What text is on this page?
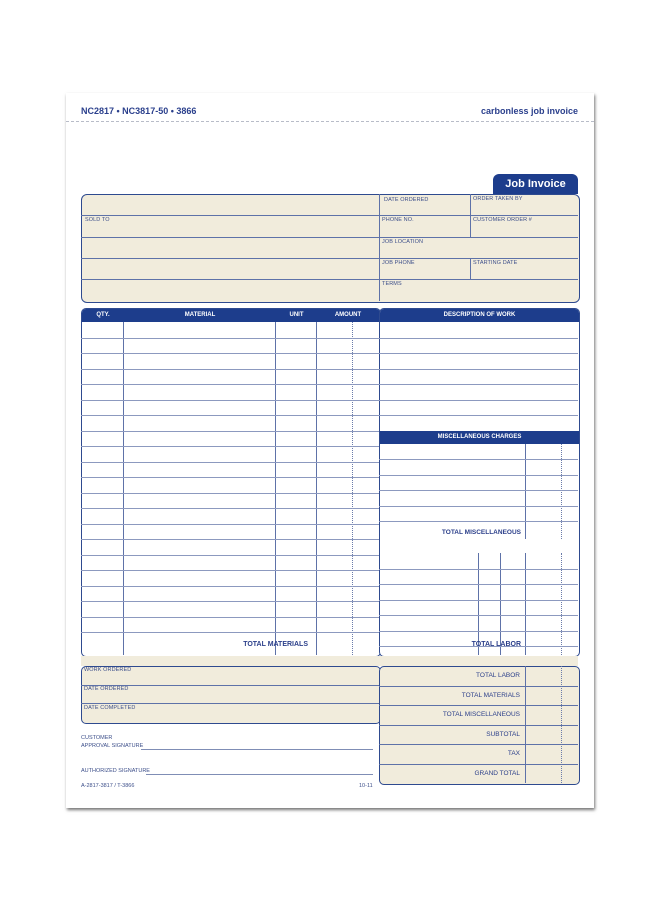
NC2817 • NC3817-50 • 3866	carbonless job invoice
Job Invoice
SOLD TO
DATE ORDERED	ORDER TAKEN BY
PHONE NO.	CUSTOMER ORDER #
JOB LOCATION
JOB PHONE	STARTING DATE
TERMS
QTY.	MATERIAL	UNIT	AMOUNT
TOTAL MATERIALS
DESCRIPTION OF WORK
MISCELLANEOUS CHARGES
TOTAL MISCELLANEOUS
LABOR	HRS.	RATE	AMOUNT
TOTAL LABOR
WORK ORDERED
DATE ORDERED
DATE COMPLETED
TOTAL LABOR
TOTAL MATERIALS
TOTAL MISCELLANEOUS
SUBTOTAL
TAX
GRAND TOTAL
CUSTOMER
APPROVAL SIGNATURE
AUTHORIZED SIGNATURE
A-2817-3817 / T-3866	10-11
